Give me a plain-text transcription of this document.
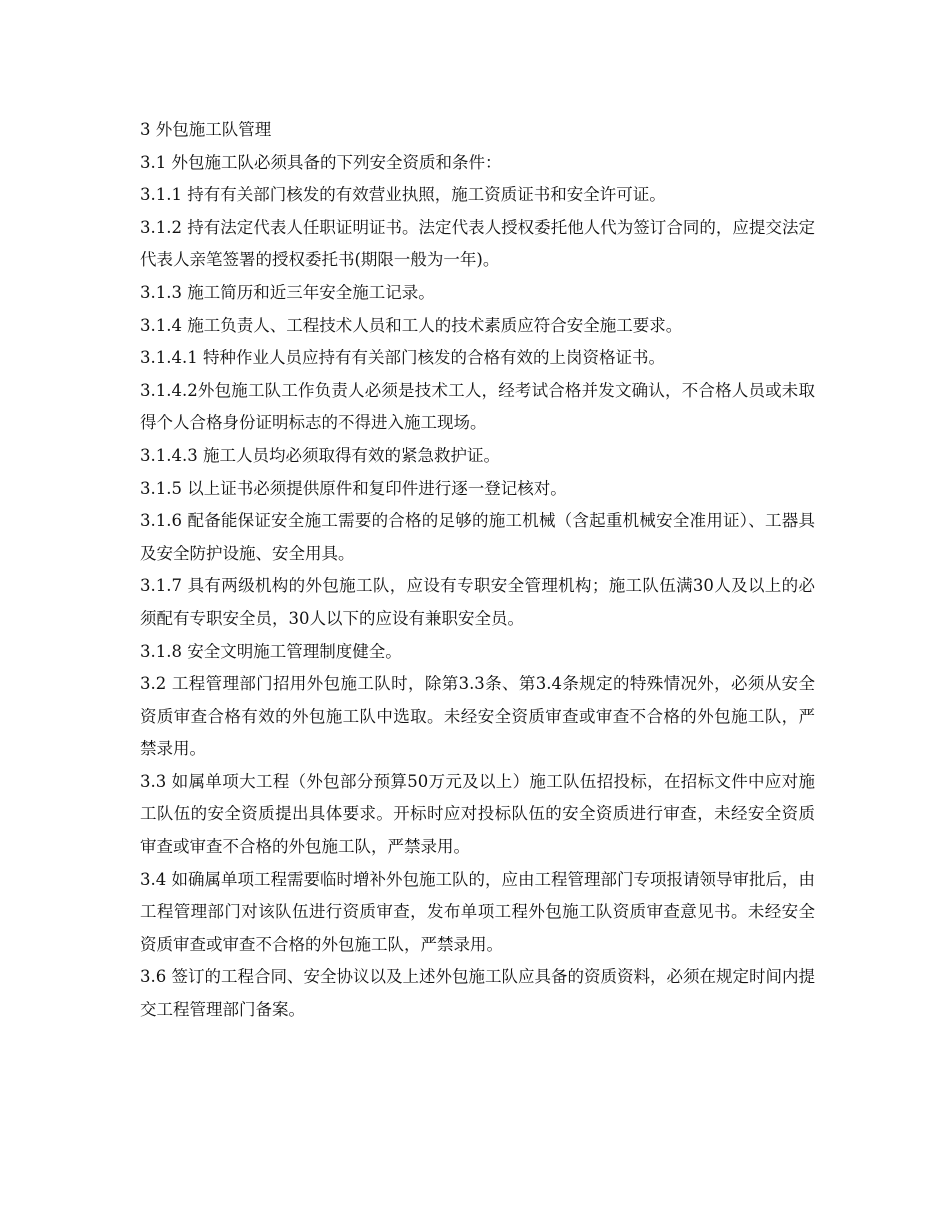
3 外包施工队管理

3.1 外包施工队必须具备的下列安全资质和条件：

3.1.1 持有有关部门核发的有效营业执照，施工资质证书和安全许可证。

3.1.2 持有法定代表人任职证明证书。法定代表人授权委托他人代为签订合同的，应提交法定代表人亲笔签署的授权委托书(期限一般为一年)。

3.1.3 施工简历和近三年安全施工记录。

3.1.4 施工负责人、工程技术人员和工人的技术素质应符合安全施工要求。

3.1.4.1 特种作业人员应持有有关部门核发的合格有效的上岗资格证书。

3.1.4.2外包施工队工作负责人必须是技术工人，经考试合格并发文确认，不合格人员或未取得个人合格身份证明标志的不得进入施工现场。

3.1.4.3 施工人员均必须取得有效的紧急救护证。

3.1.5 以上证书必须提供原件和复印件进行逐一登记核对。

3.1.6 配备能保证安全施工需要的合格的足够的施工机械（含起重机械安全准用证）、工器具及安全防护设施、安全用具。

3.1.7 具有两级机构的外包施工队，应设有专职安全管理机构；施工队伍满30人及以上的必须配有专职安全员，30人以下的应设有兼职安全员。

3.1.8 安全文明施工管理制度健全。

3.2 工程管理部门招用外包施工队时，除第3.3条、第3.4条规定的特殊情况外，必须从安全资质审查合格有效的外包施工队中选取。未经安全资质审查或审查不合格的外包施工队，严禁录用。

3.3 如属单项大工程（外包部分预算50万元及以上）施工队伍招投标，在招标文件中应对施工队伍的安全资质提出具体要求。开标时应对投标队伍的安全资质进行审查，未经安全资质审查或审查不合格的外包施工队，严禁录用。

3.4 如确属单项工程需要临时增补外包施工队的，应由工程管理部门专项报请领导审批后，由工程管理部门对该队伍进行资质审查，发布单项工程外包施工队资质审查意见书。未经安全资质审查或审查不合格的外包施工队，严禁录用。

3.6 签订的工程合同、安全协议以及上述外包施工队应具备的资质资料，必须在规定时间内提交工程管理部门备案。
